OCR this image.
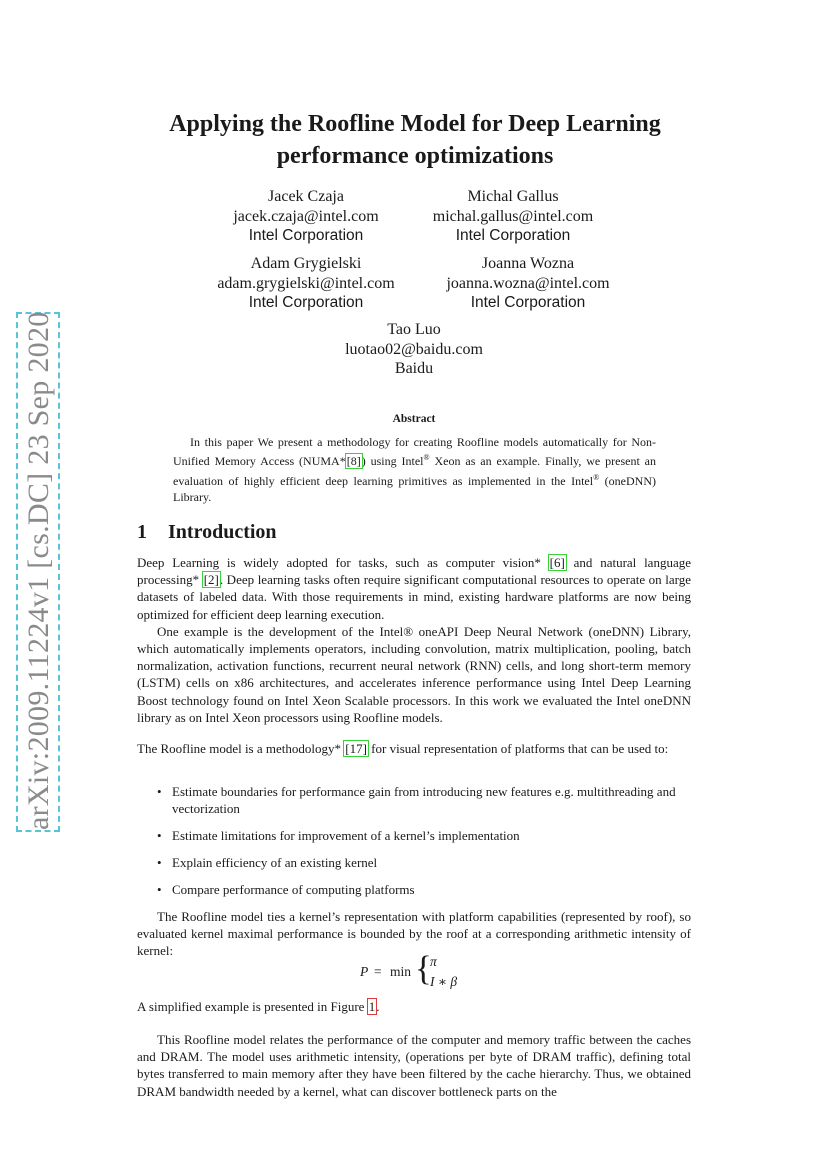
arXiv:2009.11224v1 [cs.DC] 23 Sep 2020
Applying the Roofline Model for Deep Learning
performance optimizations
Jacek Czaja
jacek.czaja@intel.com
Intel Corporation
Michal Gallus
michal.gallus@intel.com
Intel Corporation
Adam Grygielski
adam.grygielski@intel.com
Intel Corporation
Joanna Wozna
joanna.wozna@intel.com
Intel Corporation
Tao Luo
luotao02@baidu.com
Baidu
Abstract

In this paper We present a methodology for creating Roofline models automatically for Non-Unified Memory Access (NUMA*[8]) using Intel® Xeon as an example. Finally, we present an evaluation of highly efficient deep learning primitives as implemented in the Intel® (oneDNN) Library.

1 Introduction

Deep Learning is widely adopted for tasks, such as computer vision* [6] and natural language processing* [2]. Deep learning tasks often require significant computational resources to operate on large datasets of labeled data. With those requirements in mind, existing hardware platforms are now being optimized for efficient deep learning execution.

One example is the development of the Intel® oneAPI Deep Neural Network (oneDNN) Library, which automatically implements operators, including convolution, matrix multiplication, pooling, batch normalization, activation functions, recurrent neural network (RNN) cells, and long short-term memory (LSTM) cells on x86 architectures, and accelerates inference performance using Intel Deep Learning Boost technology found on Intel Xeon Scalable processors. In this work we evaluated the Intel oneDNN library as on Intel Xeon processors using Roofline models.

The Roofline model is a methodology* [17] for visual representation of platforms that can be used to:

• Estimate boundaries for performance gain from introducing new features e.g. multithreading and vectorization
• Estimate limitations for improvement of a kernel’s implementation
• Explain efficiency of an existing kernel
• Compare performance of computing platforms

The Roofline model ties a kernel’s representation with platform capabilities (represented by roof), so evaluated kernel maximal performance is bounded by the roof at a corresponding arithmetic intensity of kernel:

P = min {
π
I ∗ β

A simplified example is presented in Figure 1.

This Roofline model relates the performance of the computer and memory traffic between the caches and DRAM. The model uses arithmetic intensity, (operations per byte of DRAM traffic), defining total bytes transferred to main memory after they have been filtered by the cache hierarchy. Thus, we obtained DRAM bandwidth needed by a kernel, what can discover bottleneck parts on the
